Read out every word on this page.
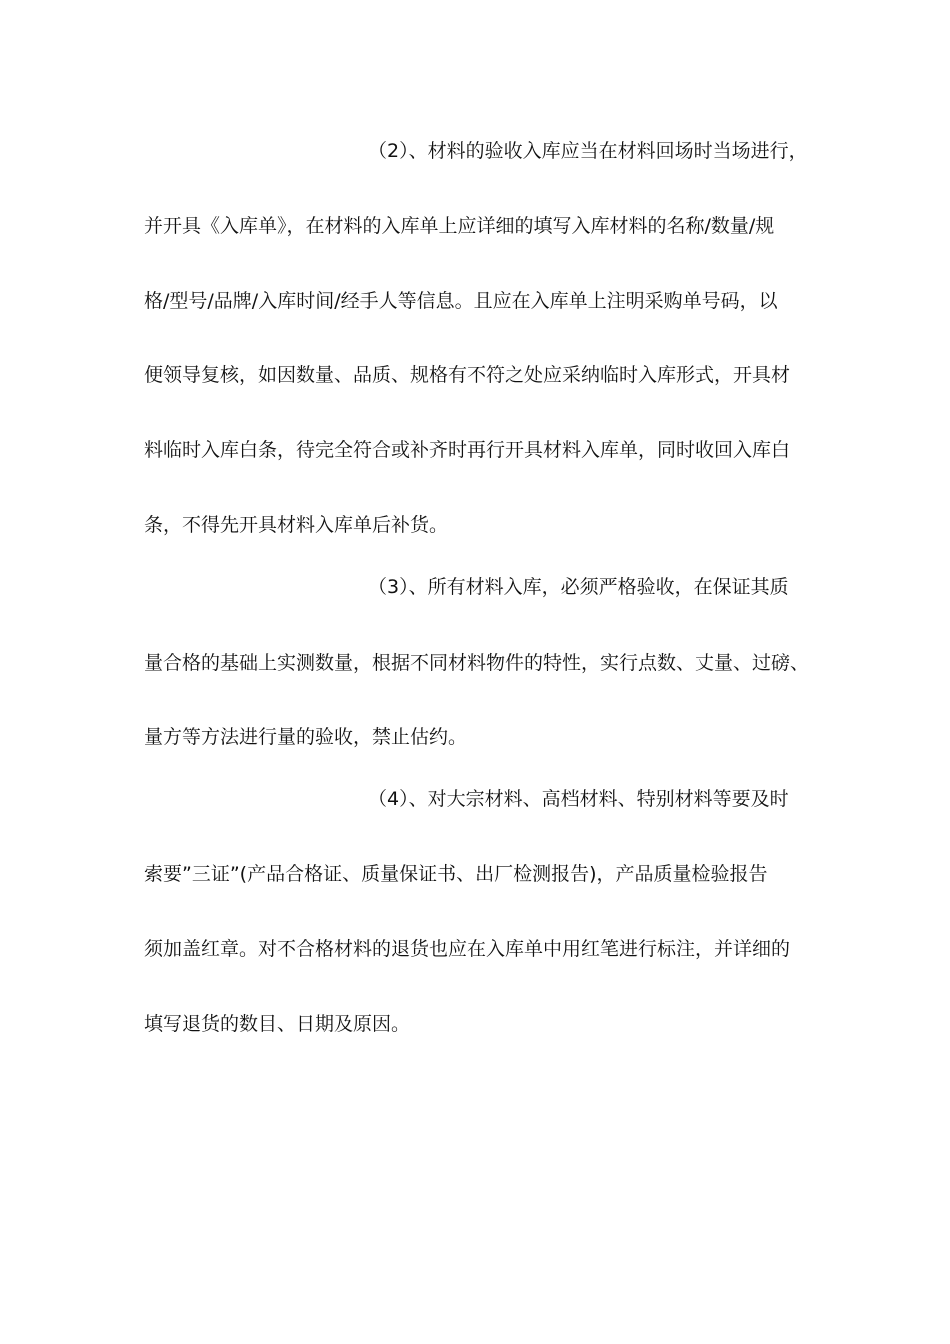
（2）、材料的验收入库应当在材料回场时当场进行，
并开具《入库单》，在材料的入库单上应详细的填写入库材料的名称/数量/规
格/型号/品牌/入库时间/经手人等信息。且应在入库单上注明采购单号码，以
便领导复核，如因数量、品质、规格有不符之处应采纳临时入库形式，开具材
料临时入库白条，待完全符合或补齐时再行开具材料入库单，同时收回入库白
条，不得先开具材料入库单后补货。
（3）、所有材料入库，必须严格验收，在保证其质
量合格的基础上实测数量，根据不同材料物件的特性，实行点数、丈量、过磅、
量方等方法进行量的验收，禁止估约。
（4）、对大宗材料、高档材料、特别材料等要及时
索要”三证”(产品合格证、质量保证书、出厂检测报告)，产品质量检验报告
须加盖红章。对不合格材料的退货也应在入库单中用红笔进行标注，并详细的
填写退货的数目、日期及原因。
